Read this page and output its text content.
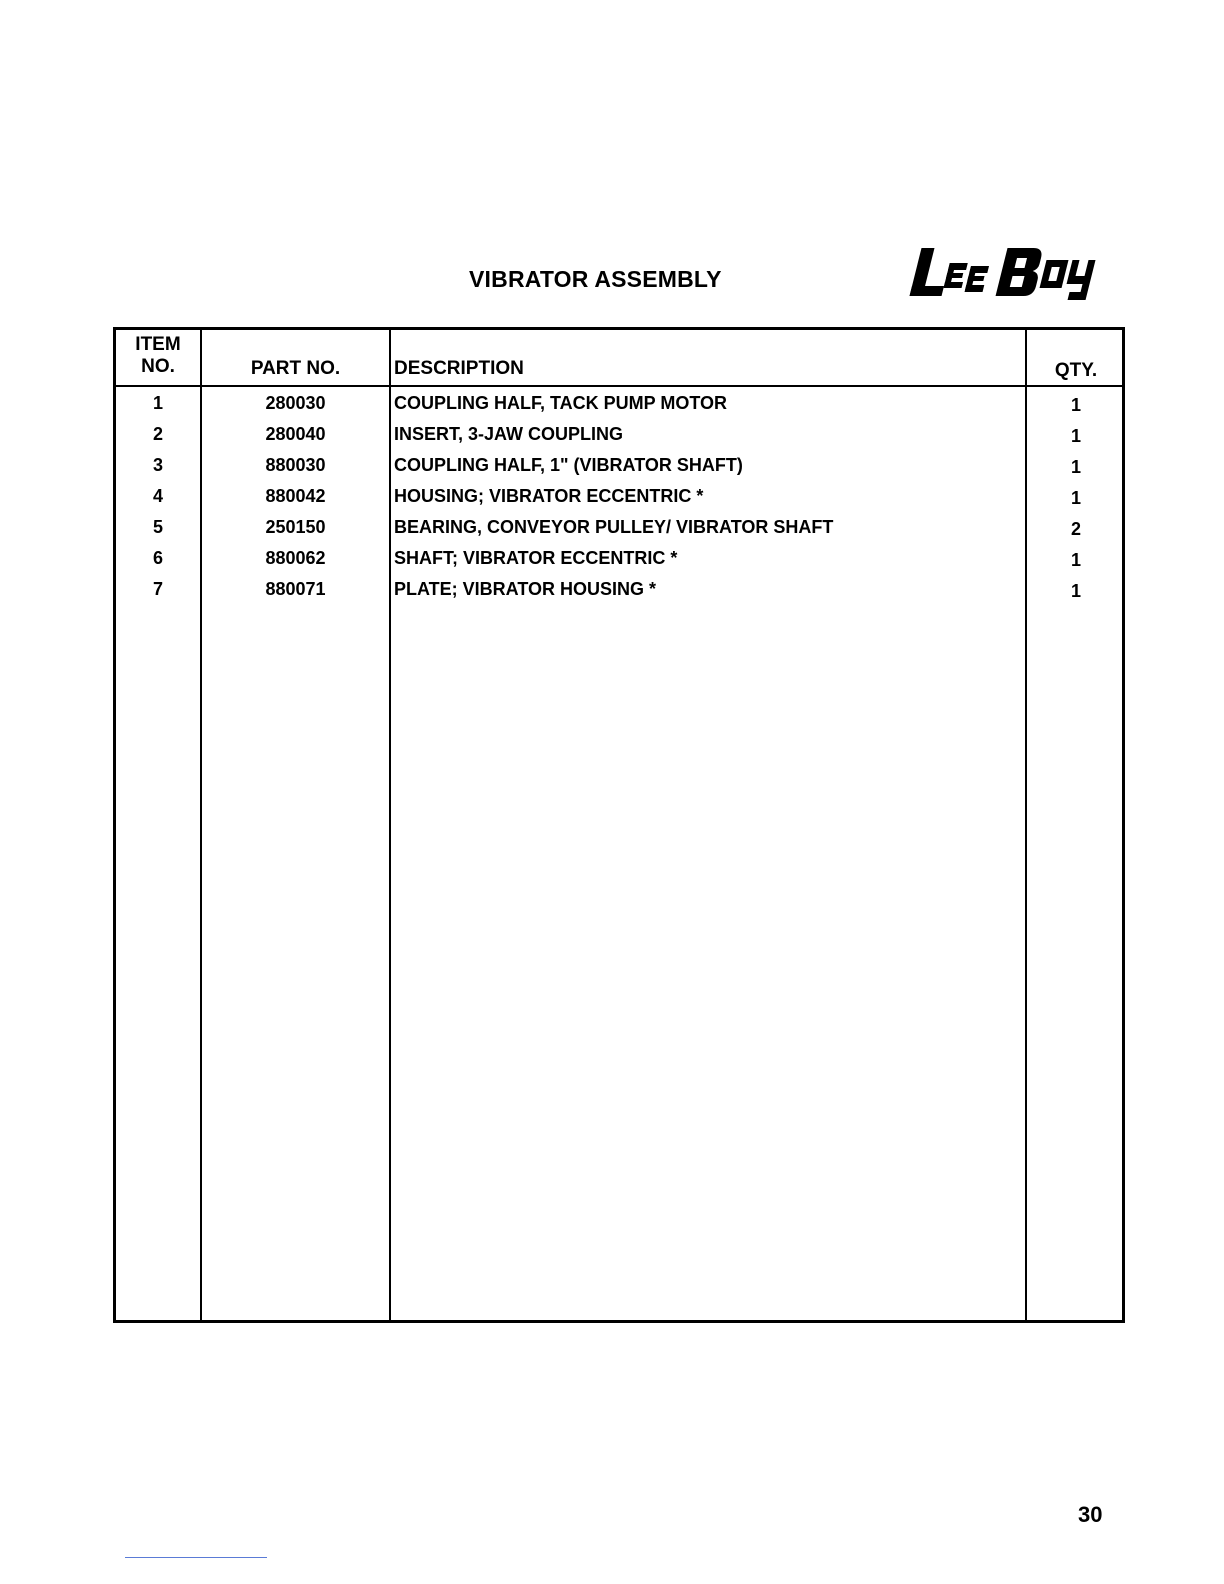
VIBRATOR ASSEMBLY
ITEM
NO.	PART NO.	DESCRIPTION	QTY.
1	280030	COUPLING HALF, TACK PUMP MOTOR	1
2	280040	INSERT, 3-JAW COUPLING	1
3	880030	COUPLING HALF, 1" (VIBRATOR SHAFT)	1
4	880042	HOUSING; VIBRATOR ECCENTRIC *	1
5	250150	BEARING, CONVEYOR PULLEY/ VIBRATOR SHAFT	2
6	880062	SHAFT; VIBRATOR ECCENTRIC *	1
7	880071	PLATE; VIBRATOR HOUSING *	1
30
